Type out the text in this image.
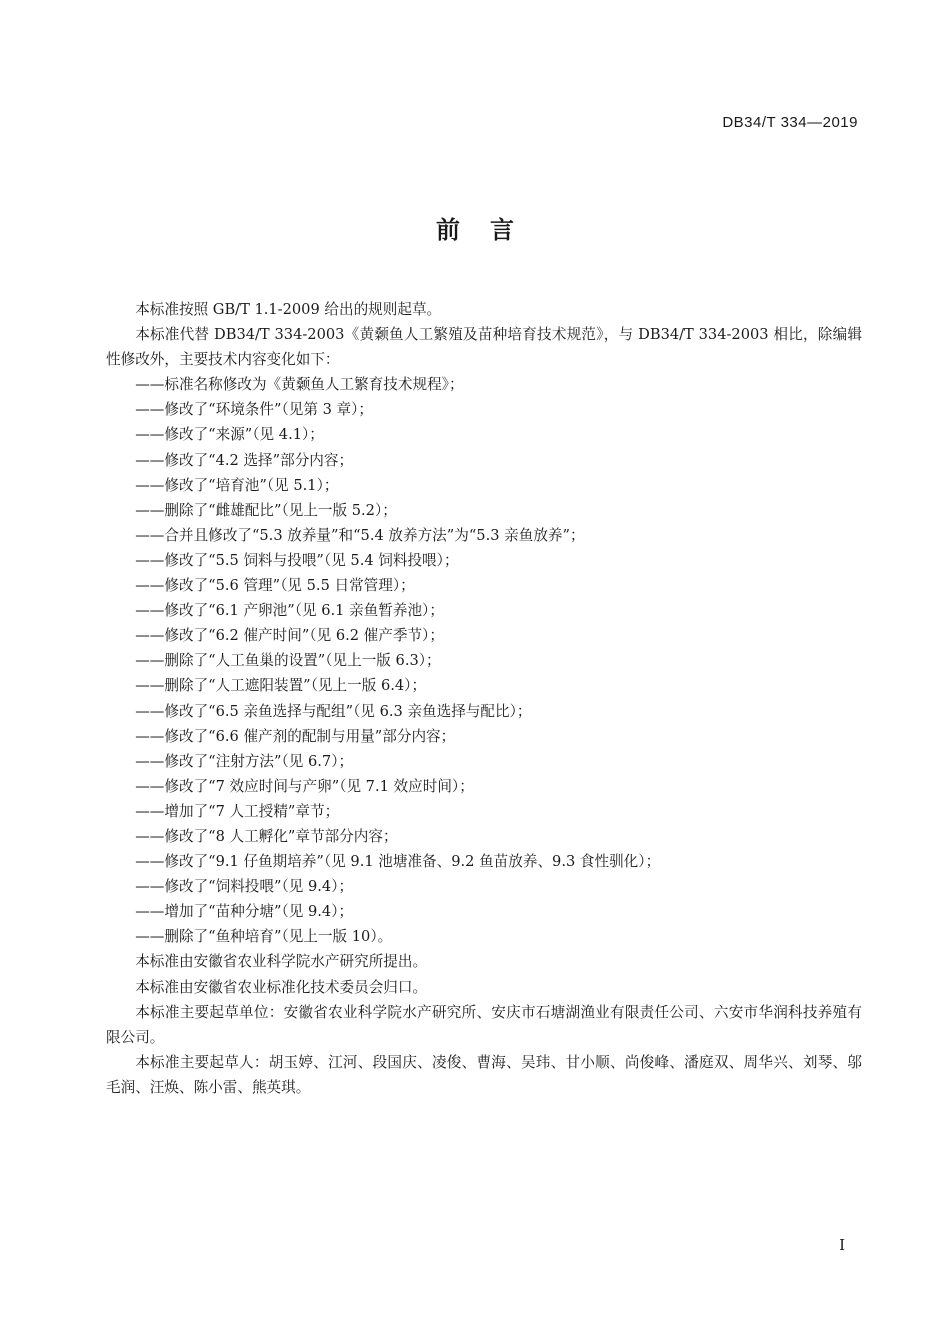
DB34/T 334—2019
前言

本标准按照 GB/T 1.1-2009 给出的规则起草。

本标准代替 DB34/T 334-2003《黄颡鱼人工繁殖及苗种培育技术规范》，与 DB34/T 334-2003 相比，除编辑性修改外，主要技术内容变化如下：

——标准名称修改为《黄颡鱼人工繁育技术规程》；

——修改了“环境条件”（见第 3 章）；

——修改了“来源”（见 4.1）；

——修改了“4.2 选择”部分内容；

——修改了“培育池”（见 5.1）；

——删除了“雌雄配比”（见上一版 5.2）；

——合并且修改了“5.3 放养量”和“5.4 放养方法”为“5.3 亲鱼放养”；

——修改了“5.5 饲料与投喂”（见 5.4 饲料投喂）；

——修改了“5.6 管理”（见 5.5 日常管理）；

——修改了“6.1 产卵池”（见 6.1 亲鱼暂养池）；

——修改了“6.2 催产时间”（见 6.2 催产季节）；

——删除了“人工鱼巢的设置”（见上一版 6.3）；

——删除了“人工遮阳装置”（见上一版 6.4）；

——修改了“6.5 亲鱼选择与配组”（见 6.3 亲鱼选择与配比）；

——修改了“6.6 催产剂的配制与用量”部分内容；

——修改了“注射方法”（见 6.7）；

——修改了“7 效应时间与产卵”（见 7.1 效应时间）；

——增加了“7 人工授精”章节；

——修改了“8 人工孵化”章节部分内容；

——修改了“9.1 仔鱼期培养”（见 9.1 池塘准备、9.2 鱼苗放养、9.3 食性驯化）；

——修改了“饲料投喂”（见 9.4）；

——增加了“苗种分塘”（见 9.4）；

——删除了“鱼种培育”（见上一版 10）。

本标准由安徽省农业科学院水产研究所提出。

本标准由安徽省农业标准化技术委员会归口。

本标准主要起草单位：安徽省农业科学院水产研究所、安庆市石塘湖渔业有限责任公司、六安市华润科技养殖有限公司。

本标准主要起草人：胡玉婷、江河、段国庆、凌俊、曹海、吴玮、甘小顺、尚俊峰、潘庭双、周华兴、刘琴、邬毛润、汪焕、陈小雷、熊英琪。

I
